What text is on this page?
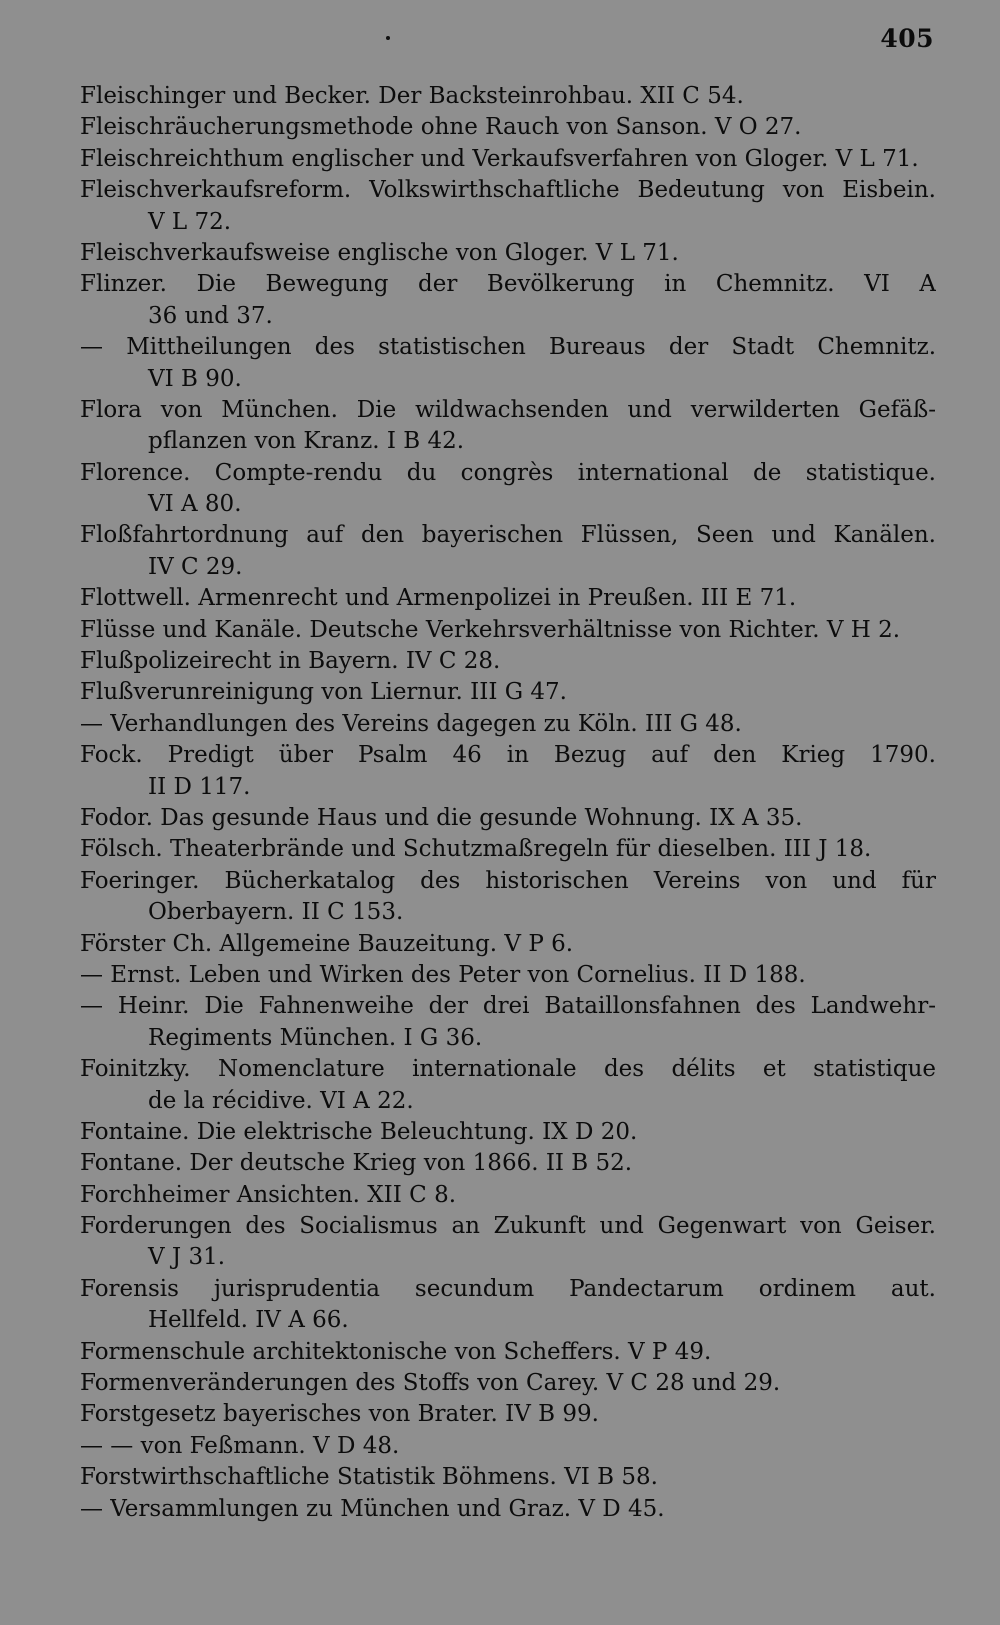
405
Fleischinger und Becker. Der Backsteinrohbau. XII C 54.
Fleischräucherungsmethode ohne Rauch von Sanson. V O 27.
Fleischreichthum englischer und Verkaufsverfahren von Gloger. V L 71.
Fleischverkaufsreform. Volkswirthschaftliche Bedeutung von Eisbein.
V L 72.
Fleischverkaufsweise englische von Gloger. V L 71.
Flinzer. Die Bewegung der Bevölkerung in Chemnitz. VI A
36 und 37.
— Mittheilungen des statistischen Bureaus der Stadt Chemnitz.
VI B 90.
Flora von München. Die wildwachsenden und verwilderten Gefäß-
pflanzen von Kranz. I B 42.
Florence. Compte-rendu du congrès international de statistique.
VI A 80.
Floßfahrtordnung auf den bayerischen Flüssen, Seen und Kanälen.
IV C 29.
Flottwell. Armenrecht und Armenpolizei in Preußen. III E 71.
Flüsse und Kanäle. Deutsche Verkehrsverhältnisse von Richter. V H 2.
Flußpolizeirecht in Bayern. IV C 28.
Flußverunreinigung von Liernur. III G 47.
— Verhandlungen des Vereins dagegen zu Köln. III G 48.
Fock. Predigt über Psalm 46 in Bezug auf den Krieg 1790.
II D 117.
Fodor. Das gesunde Haus und die gesunde Wohnung. IX A 35.
Fölsch. Theaterbrände und Schutzmaßregeln für dieselben. III J 18.
Foeringer. Bücherkatalog des historischen Vereins von und für
Oberbayern. II C 153.
Förster Ch. Allgemeine Bauzeitung. V P 6.
— Ernst. Leben und Wirken des Peter von Cornelius. II D 188.
— Heinr. Die Fahnenweihe der drei Bataillonsfahnen des Landwehr-
Regiments München. I G 36.
Foinitzky. Nomenclature internationale des délits et statistique
de la récidive. VI A 22.
Fontaine. Die elektrische Beleuchtung. IX D 20.
Fontane. Der deutsche Krieg von 1866. II B 52.
Forchheimer Ansichten. XII C 8.
Forderungen des Socialismus an Zukunft und Gegenwart von Geiser.
V J 31.
Forensis jurisprudentia secundum Pandectarum ordinem aut.
Hellfeld. IV A 66.
Formenschule architektonische von Scheffers. V P 49.
Formenveränderungen des Stoffs von Carey. V C 28 und 29.
Forstgesetz bayerisches von Brater. IV B 99.
— — von Feßmann. V D 48.
Forstwirthschaftliche Statistik Böhmens. VI B 58.
— Versammlungen zu München und Graz. V D 45.
